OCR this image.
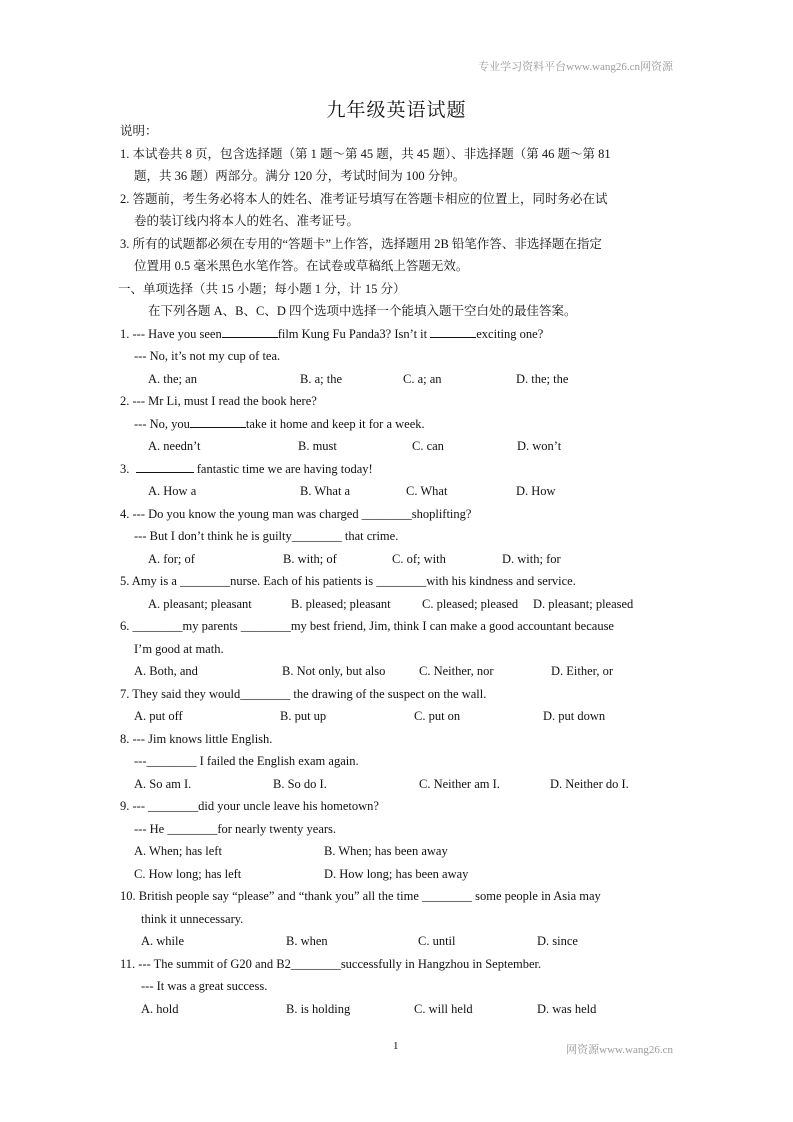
专业学习资料平台www.wang26.cn网资源
九年级英语试题
说明：
1. 本试卷共 8 页，包含选择题（第 1 题～第 45 题，共 45 题）、非选择题（第 46 题～第 81
题，共 36 题）两部分。满分 120 分，考试时间为 100 分钟。
2. 答题前，考生务必将本人的姓名、准考证号填写在答题卡相应的位置上，同时务必在试
卷的装订线内将本人的姓名、准考证号。
3. 所有的试题都必须在专用的“答题卡”上作答，选择题用 2B 铅笔作答、非选择题在指定
位置用 0.5 毫米黑色水笔作答。在试卷或草稿纸上答题无效。
一、单项选择（共 15 小题；每小题 1 分，计 15 分）
在下列各题 A、B、C、D 四个选项中选择一个能填入题干空白处的最佳答案。
1. --- Have you seen	film Kung Fu Panda3? Isn’t it	exciting one?
--- No, it’s not my cup of tea.
A. the; an	B. a; the	C. a; an	D. the; the
2. --- Mr Li, must I read the book here?
--- No, you	take it home and keep it for a week.
A. needn’t	B. must	C. can	D. won’t
3.	fantastic time we are having today!
A. How a	B. What a	C. What	D. How
4. --- Do you know the young man was charged ________shoplifting?
--- But I don’t think he is guilty________ that crime.
A. for; of	B. with; of	C. of; with	D. with; for
5. Amy is a ________nurse. Each of his patients is ________with his kindness and service.
A. pleasant; pleasant	B. pleased; pleasant	C. pleased; pleased D. pleasant; pleased
6. ________my parents ________my best friend, Jim, think I can make a good accountant because
I’m good at math.
A. Both, and	B. Not only, but also	C. Neither, nor	D. Either, or
7. They said they would________ the drawing of the suspect on the wall.
A. put off	B. put up	C. put on	D. put down
8. --- Jim knows little English.
---________ I failed the English exam again.
A. So am I.	B. So do I.	C. Neither am I.	D. Neither do I.
9. --- ________did your uncle leave his hometown?
--- He ________for nearly twenty years.
A. When; has left	B. When; has been away
C. How long; has left	D. How long; has been away
10. British people say “please” and “thank you” all the time ________ some people in Asia may
think it unnecessary.
A. while	B. when	C. until	D. since
11. --- The summit of G20 and B2________successfully in Hangzhou in September.
--- It was a great success.
A. hold	B. is holding	C. will held	D. was held
1	网资源www.wang26.cn
